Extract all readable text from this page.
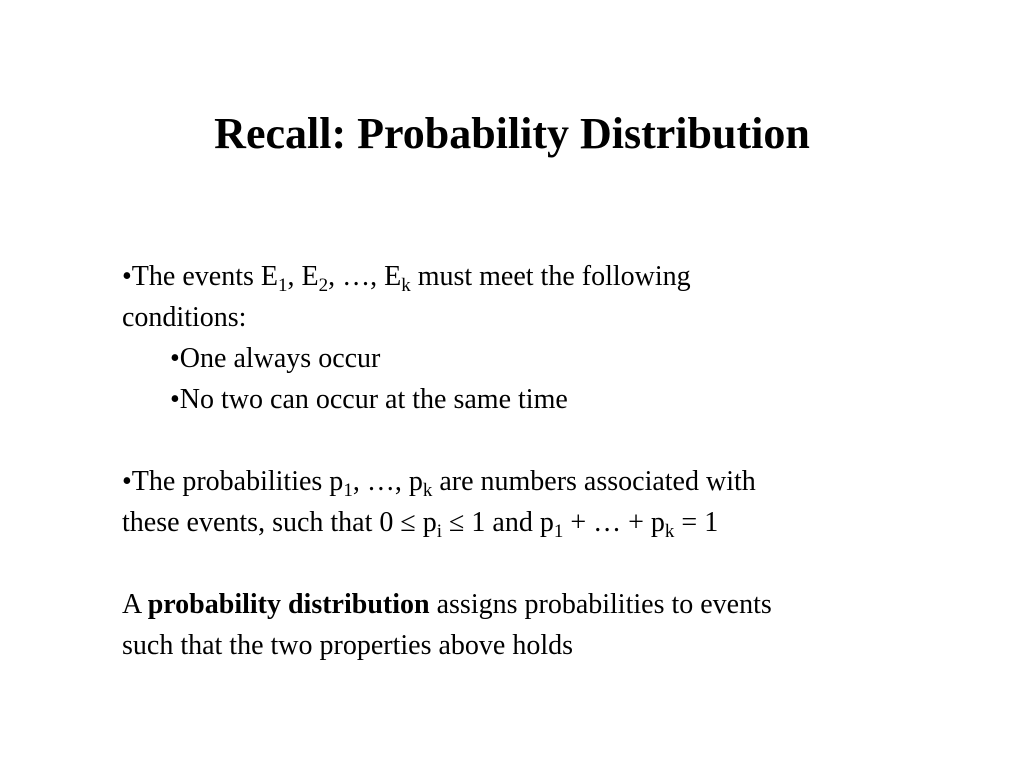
Recall: Probability Distribution
•The events $E_1$, $E_2$, …, $E_k$ must meet the following
conditions:
•One always occur
•No two can occur at the same time
•The probabilities $p_1$, …, $p_k$ are numbers associated with
these events, such that $0 \le p_i \le 1$ and $p_1$ + … + $p_k = 1$
A probability distribution assigns probabilities to events
such that the two properties above holds
